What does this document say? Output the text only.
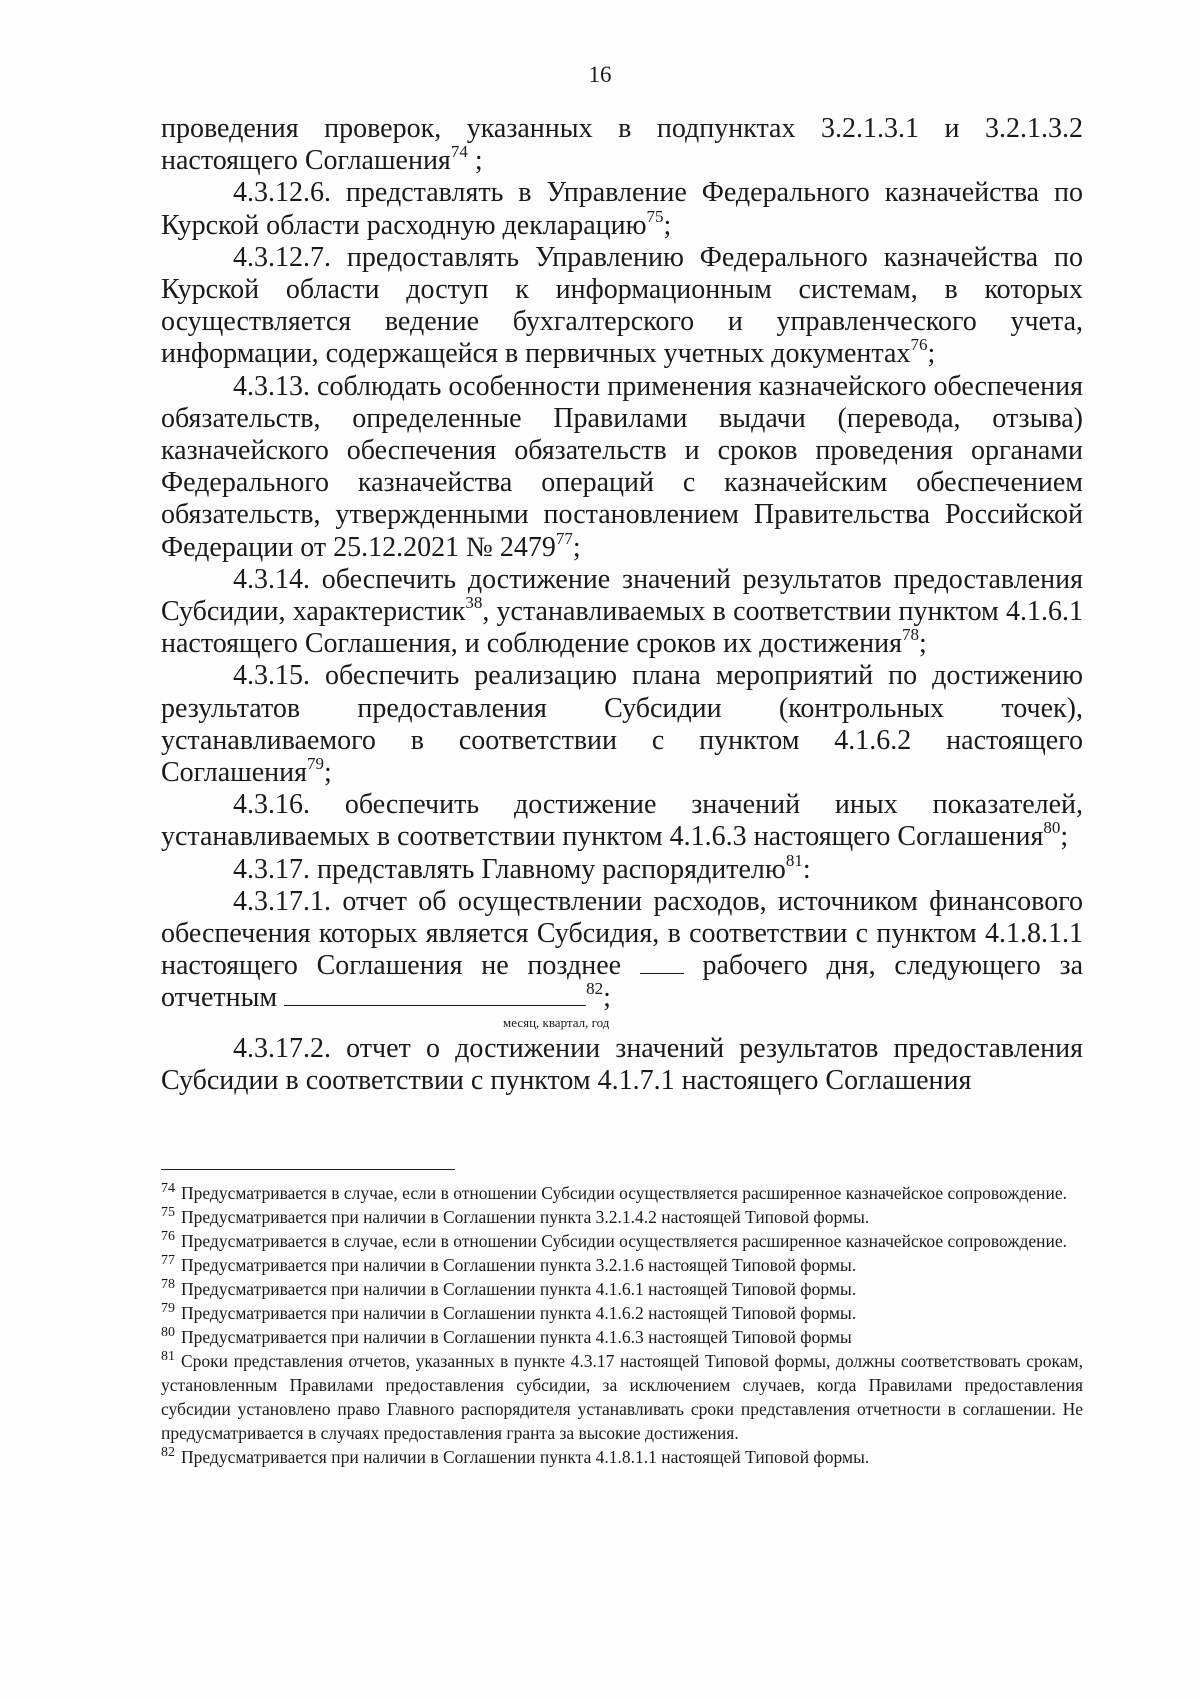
16

проведения проверок, указанных в подпунктах 3.2.1.3.1 и 3.2.1.3.2 настоящего Соглашения$^{74}$ ;

4.3.12.6. представлять в Управление Федерального казначейства по Курской области расходную декларацию$^{75}$;

4.3.12.7. предоставлять Управлению Федерального казначейства по Курской области доступ к информационным системам, в которых осуществляется ведение бухгалтерского и управленческого учета, информации, содержащейся в первичных учетных документах$^{76}$;

4.3.13. соблюдать особенности применения казначейского обеспечения обязательств, определенные Правилами выдачи (перевода, отзыва) казначейского обеспечения обязательств и сроков проведения органами Федерального казначейства операций с казначейским обеспечением обязательств, утвержденными постановлением Правительства Российской Федерации от 25.12.2021 № 2479$^{77}$;

4.3.14. обеспечить достижение значений результатов предоставления Субсидии, характеристик$^{38}$, устанавливаемых в соответствии пунктом 4.1.6.1 настоящего Соглашения, и соблюдение сроков их достижения$^{78}$;

4.3.15. обеспечить реализацию плана мероприятий по достижению результатов предоставления Субсидии (контрольных точек), устанавливаемого в соответствии с пунктом 4.1.6.2 настоящего Соглашения$^{79}$;

4.3.16. обеспечить достижение значений иных показателей, устанавливаемых в соответствии пунктом 4.1.6.3 настоящего Соглашения$^{80}$;

4.3.17. представлять Главному распорядителю$^{81}$:

4.3.17.1. отчет об осуществлении расходов, источником финансового обеспечения которых является Субсидия, в соответствии с пунктом 4.1.8.1.1 настоящего Соглашения не позднее  рабочего дня, следующего за отчетным	$^{82}$;

месяц, квартал, год

4.3.17.2. отчет о достижении значений результатов предоставления Субсидии в соответствии с пунктом 4.1.7.1 настоящего Соглашения

$^{74}$ Предусматривается в случае, если в отношении Субсидии осуществляется расширенное казначейское сопровождение.

$^{75}$ Предусматривается при наличии в Соглашении пункта 3.2.1.4.2 настоящей Типовой формы.

$^{76}$ Предусматривается в случае, если в отношении Субсидии осуществляется расширенное казначейское сопровождение.

$^{77}$ Предусматривается при наличии в Соглашении пункта 3.2.1.6 настоящей Типовой формы.

$^{78}$ Предусматривается при наличии в Соглашении пункта 4.1.6.1 настоящей Типовой формы.

$^{79}$ Предусматривается при наличии в Соглашении пункта 4.1.6.2 настоящей Типовой формы.

$^{80}$ Предусматривается при наличии в Соглашении пункта 4.1.6.3 настоящей Типовой формы

$^{81}$ Сроки представления отчетов, указанных в пункте 4.3.17 настоящей Типовой формы, должны соответствовать срокам, установленным Правилами предоставления субсидии, за исключением случаев, когда Правилами предоставления субсидии установлено право Главного распорядителя устанавливать сроки представления отчетности в соглашении. Не предусматривается в случаях предоставления гранта за высокие достижения.

$^{82}$ Предусматривается при наличии в Соглашении пункта 4.1.8.1.1 настоящей Типовой формы.
